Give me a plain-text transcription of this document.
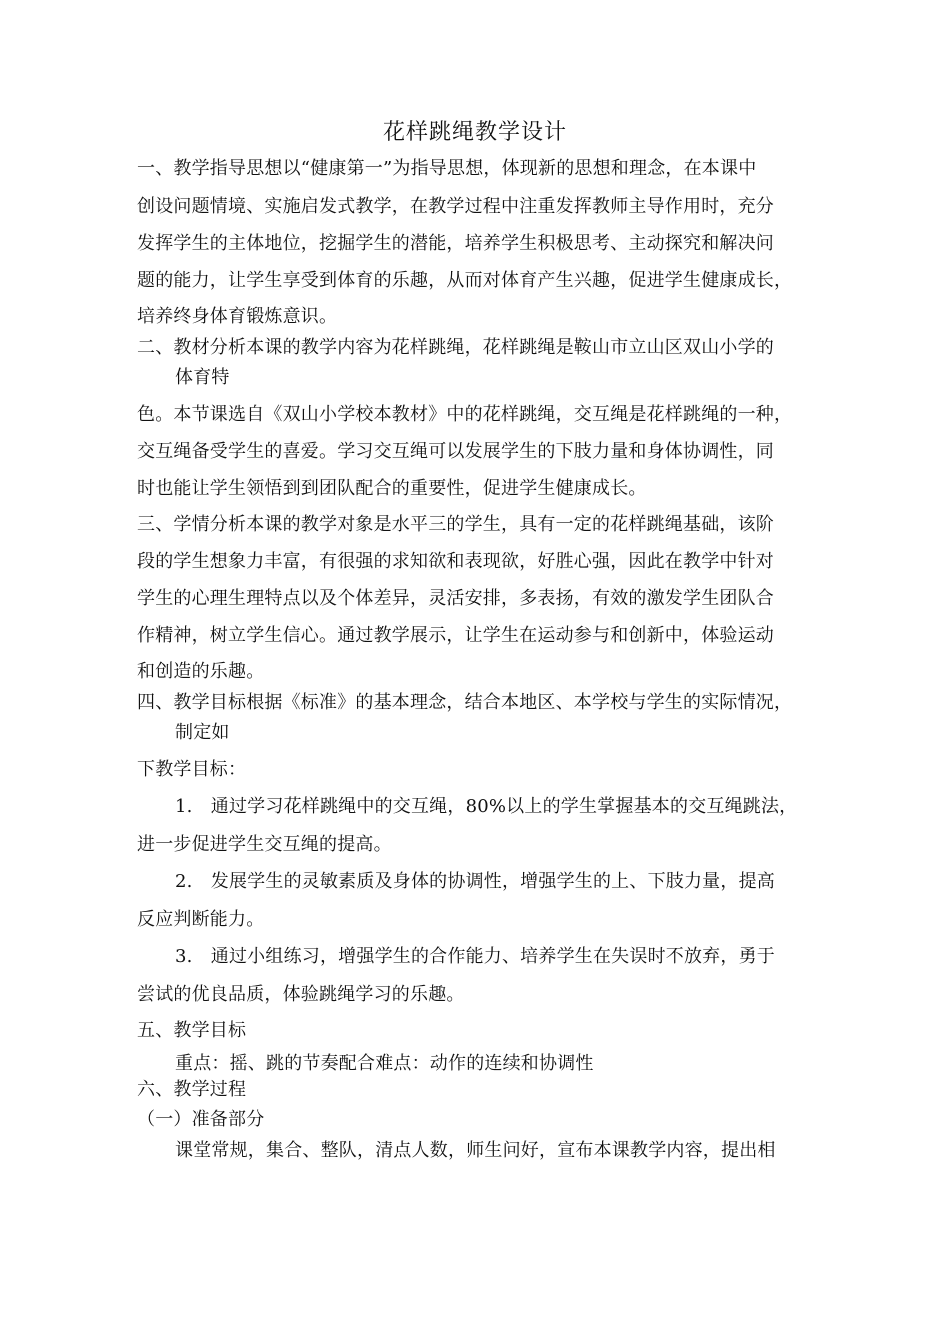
花样跳绳教学设计
一、教学指导思想以“健康第一”为指导思想，体现新的思想和理念，在本课中
创设问题情境、实施启发式教学，在教学过程中注重发挥教师主导作用时，充分
发挥学生的主体地位，挖掘学生的潜能，培养学生积极思考、主动探究和解决问
题的能力，让学生享受到体育的乐趣，从而对体育产生兴趣，促进学生健康成长，
培养终身体育锻炼意识。
二、教材分析本课的教学内容为花样跳绳，花样跳绳是鞍山市立山区双山小学的
体育特
色。本节课选自《双山小学校本教材》中的花样跳绳，交互绳是花样跳绳的一种，
交互绳备受学生的喜爱。学习交互绳可以发展学生的下肢力量和身体协调性，同
时也能让学生领悟到到团队配合的重要性，促进学生健康成长。
三、学情分析本课的教学对象是水平三的学生，具有一定的花样跳绳基础，该阶
段的学生想象力丰富，有很强的求知欲和表现欲，好胜心强，因此在教学中针对
学生的心理生理特点以及个体差异，灵活安排，多表扬，有效的激发学生团队合
作精神，树立学生信心。通过教学展示，让学生在运动参与和创新中，体验运动
和创造的乐趣。
四、教学目标根据《标准》的基本理念，结合本地区、本学校与学生的实际情况，
制定如
下教学目标：
1.　通过学习花样跳绳中的交互绳，80%以上的学生掌握基本的交互绳跳法，
进一步促进学生交互绳的提高。
2.　发展学生的灵敏素质及身体的协调性，增强学生的上、下肢力量，提高
反应判断能力。
3.　通过小组练习，增强学生的合作能力、培养学生在失误时不放弃，勇于
尝试的优良品质，体验跳绳学习的乐趣。
五、教学目标
重点：摇、跳的节奏配合难点：动作的连续和协调性
六、教学过程
（一）准备部分
课堂常规，集合、整队，清点人数，师生问好，宣布本课教学内容，提出相
